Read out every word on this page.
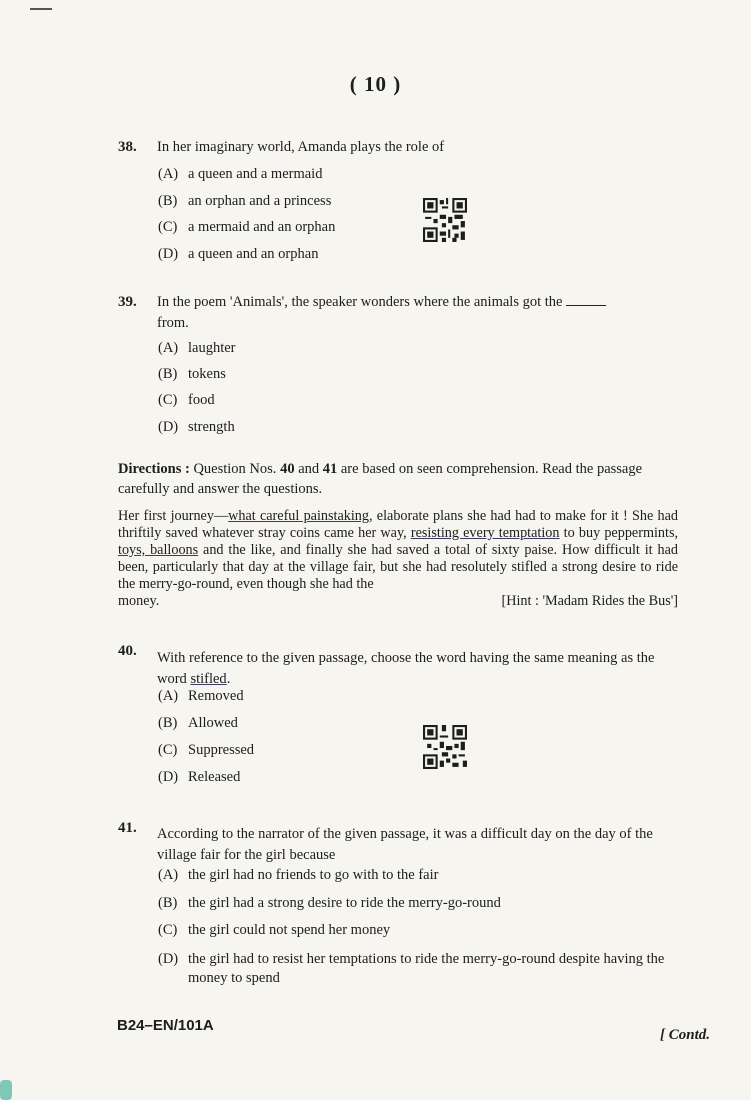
( 10 )
38. In her imaginary world, Amanda plays the role of
(A) a queen and a mermaid
(B) an orphan and a princess
(C) a mermaid and an orphan
(D) a queen and an orphan
39. In the poem 'Animals', the speaker wonders where the animals got the
from.
(A) laughter
(B) tokens
(C) food
(D) strength
Directions : Question Nos. 40 and 41 are based on seen comprehension. Read the passage carefully and answer the questions.
Her first journey—what careful painstaking, elaborate plans she had had to make for it ! She had thriftily saved whatever stray coins came her way, resisting every temptation to buy peppermints, toys, balloons and the like, and finally she had saved a total of sixty paise. How difficult it had been, particularly that day at the village fair, but she had resolutely stifled a strong desire to ride the merry-go-round, even though she had the
money.	[Hint : 'Madam Rides the Bus']
40. With reference to the given passage, choose the word having the same meaning as the word stifled.
(A) Removed
(B) Allowed
(C) Suppressed
(D) Released
41. According to the narrator of the given passage, it was a difficult day on the day of the village fair for the girl because
(A) the girl had no friends to go with to the fair
(B) the girl had a strong desire to ride the merry-go-round
(C) the girl could not spend her money
(D) the girl had to resist her temptations to ride the merry-go-round despite having the money to spend
B24–EN/101A
[ Contd.
